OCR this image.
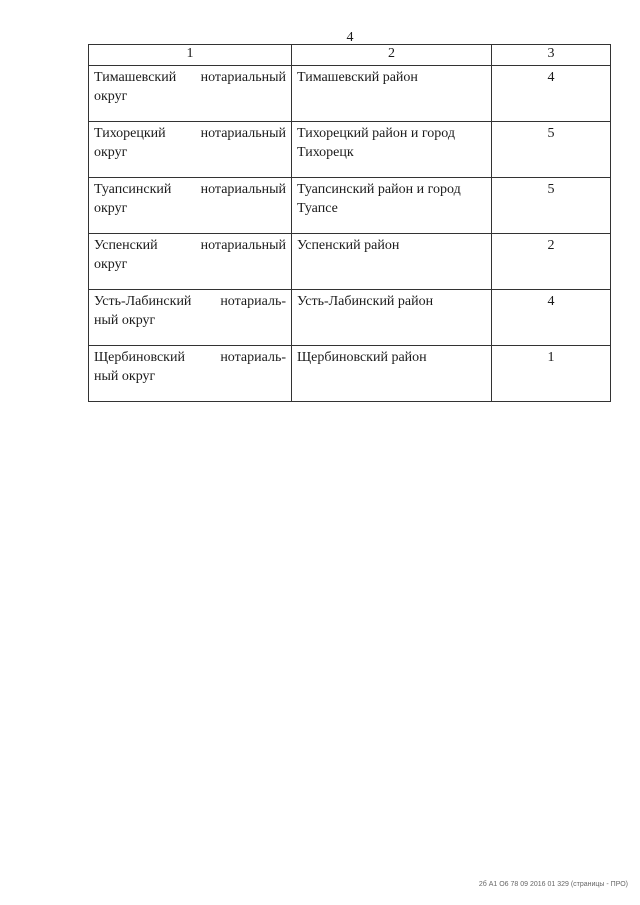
4
1	2	3

Тимашевский нотариальный
округ	Тимашевский район	4

Тихорецкий нотариальный
округ	Тихорецкий район и город Тихорецк	5

Туапсинский нотариальный
округ	Туапсинский район и город Туапсе	5

Успенский нотариальный
округ	Успенский район	2

Усть-Лабинский нотариаль-
ный округ	Усть-Лабинский район	4

Щербиновский нотариаль-
ный округ	Щербиновский район	1
2б А1 О6 78 09 2016 01 329 (страницы - ПРО)
